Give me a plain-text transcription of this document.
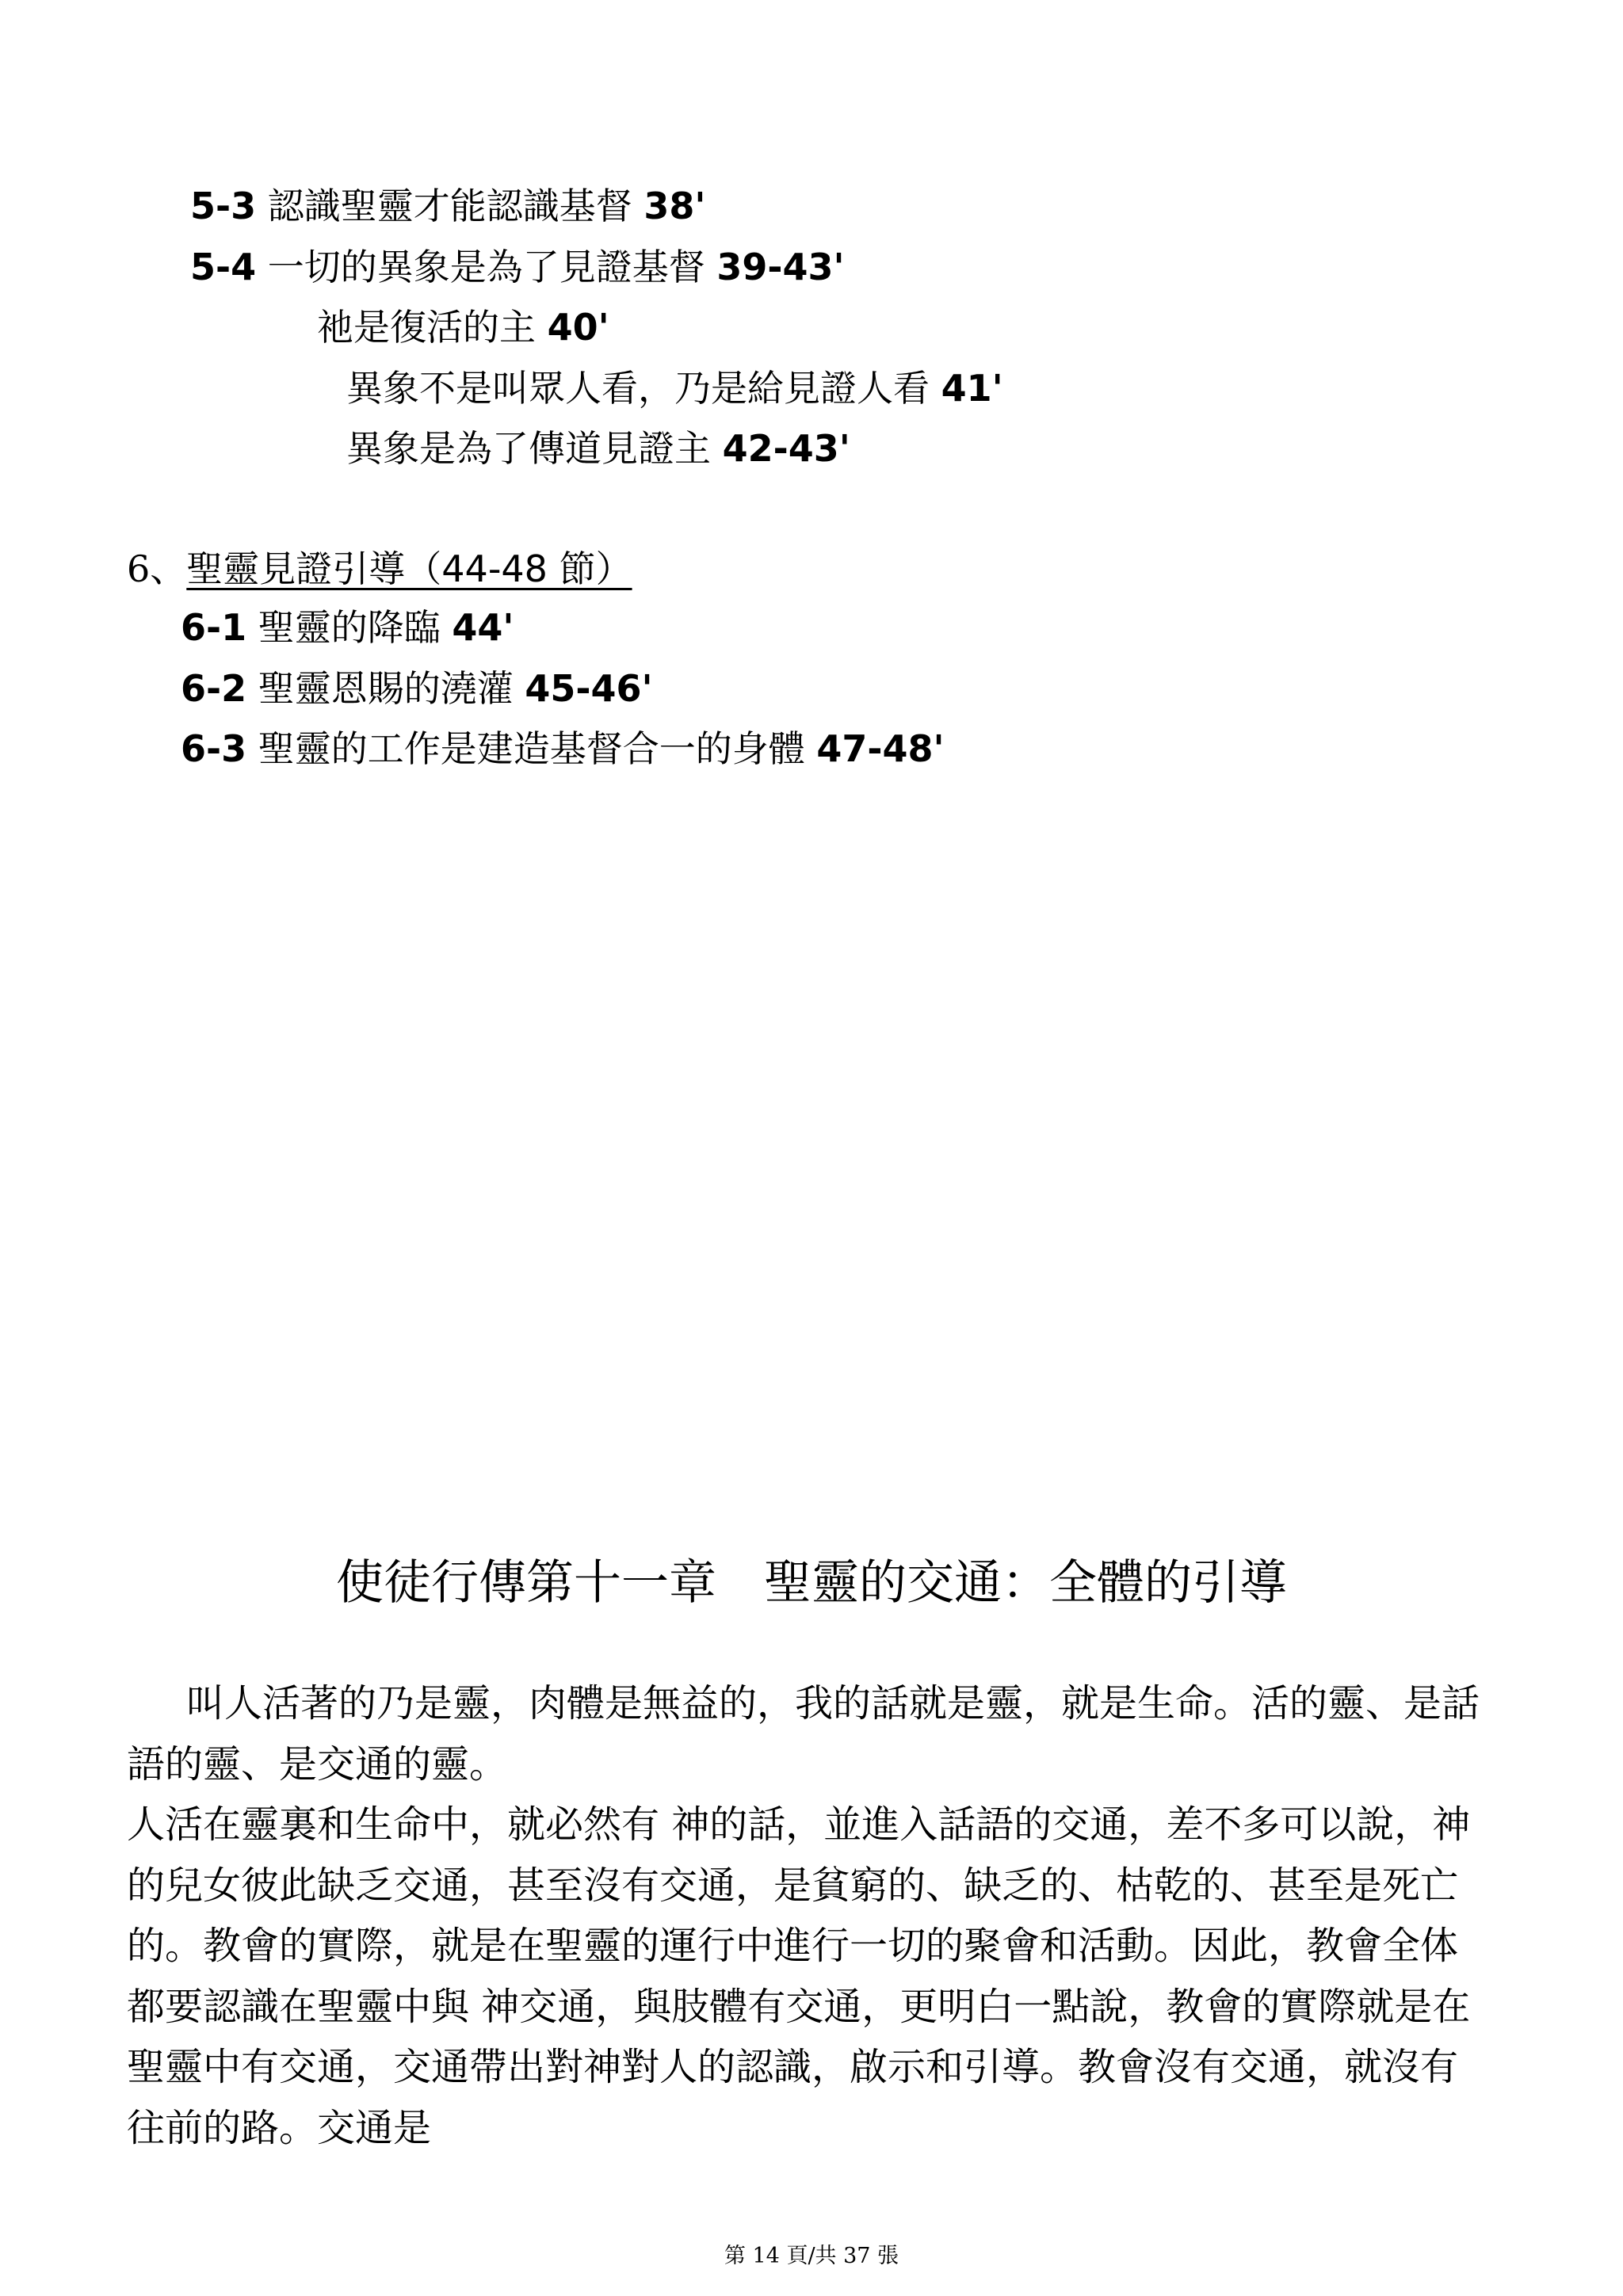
5-3 認識聖靈才能認識基督 38'
5-4 一切的異象是為了見證基督 39-43'
祂是復活的主 40'
異象不是叫眾人看，乃是給見證人看 41'
異象是為了傳道見證主 42-43'
6、聖靈見證引導（44-48 節）
6-1 聖靈的降臨 44'
6-2 聖靈恩賜的澆灌 45-46'
6-3 聖靈的工作是建造基督合一的身體 47-48'
使徒行傳第十一章　聖靈的交通：全體的引導

叫人活著的乃是靈，肉體是無益的，我的話就是靈，就是生命。活的靈、是話語的靈、是交通的靈。

人活在靈裏和生命中，就必然有 神的話，並進入話語的交通，差不多可以說，神 的兒女彼此缺乏交通，甚至沒有交通，是貧窮的、缺乏的、枯乾的、甚至是死亡的。教會的實際，就是在聖靈的運行中進行一切的聚會和活動。因此，教會全体都要認識在聖靈中與 神交通，與肢體有交通，更明白一點說，教會的實際就是在聖靈中有交通，交通帶出對神對人的認識，啟示和引導。教會沒有交通，就沒有往前的路。交通是

第 14 頁/共 37 張
